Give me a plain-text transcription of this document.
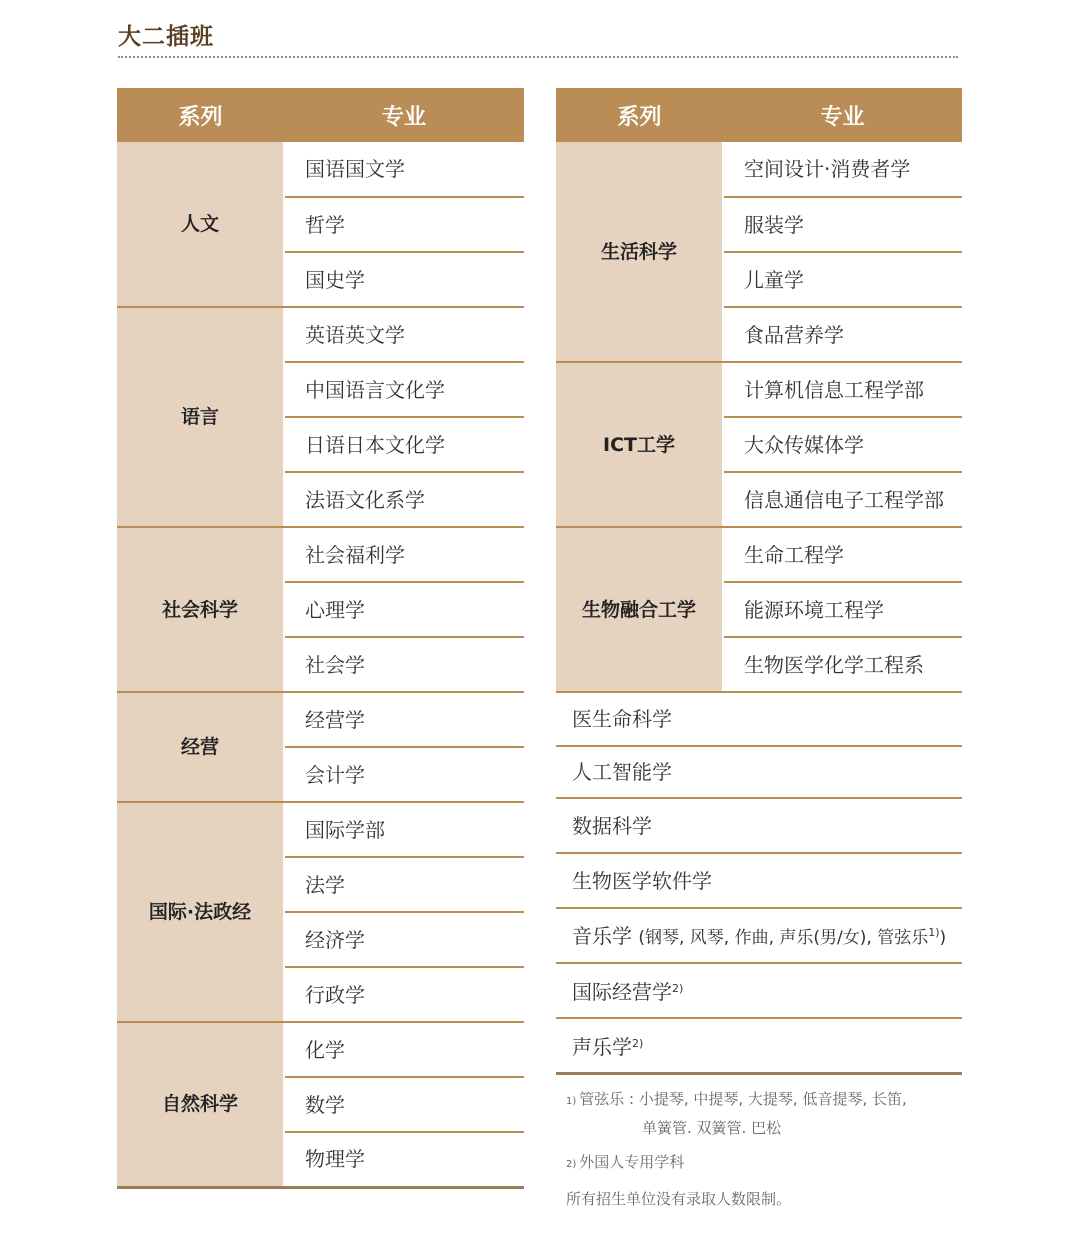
大二插班
系列	专业
人文	国语国文学
	哲学
	国史学
语言	英语英文学
	中国语言文化学
	日语日本文化学
	法语文化系学
社会科学	社会福利学
	心理学
	社会学
经营	经营学
	会计学
国际·法政经	国际学部
	法学
	经济学
	行政学
自然科学	化学
	数学
	物理学
系列	专业
生活科学	空间设计·消费者学
	服装学
	儿童学
	食品营养学
ICT工学	计算机信息工程学部
	大众传媒体学
	信息通信电子工程学部
生物融合工学	生命工程学
	能源环境工程学
	生物医学化学工程系
医生命科学	
人工智能学	
数据科学	
生物医学软件学	
音乐学 (钢琴, 风琴, 作曲, 声乐(男/女), 管弦乐$^{1)}$)	
国际经营学$^{2)}$
声乐学$^{2)}$
1) 管弦乐 : 小提琴, 中提琴, 大提琴, 低音提琴, 长笛,
单簧管. 双簧管. 巴松
2) 外国人专用学科
所有招生单位没有录取人数限制。
